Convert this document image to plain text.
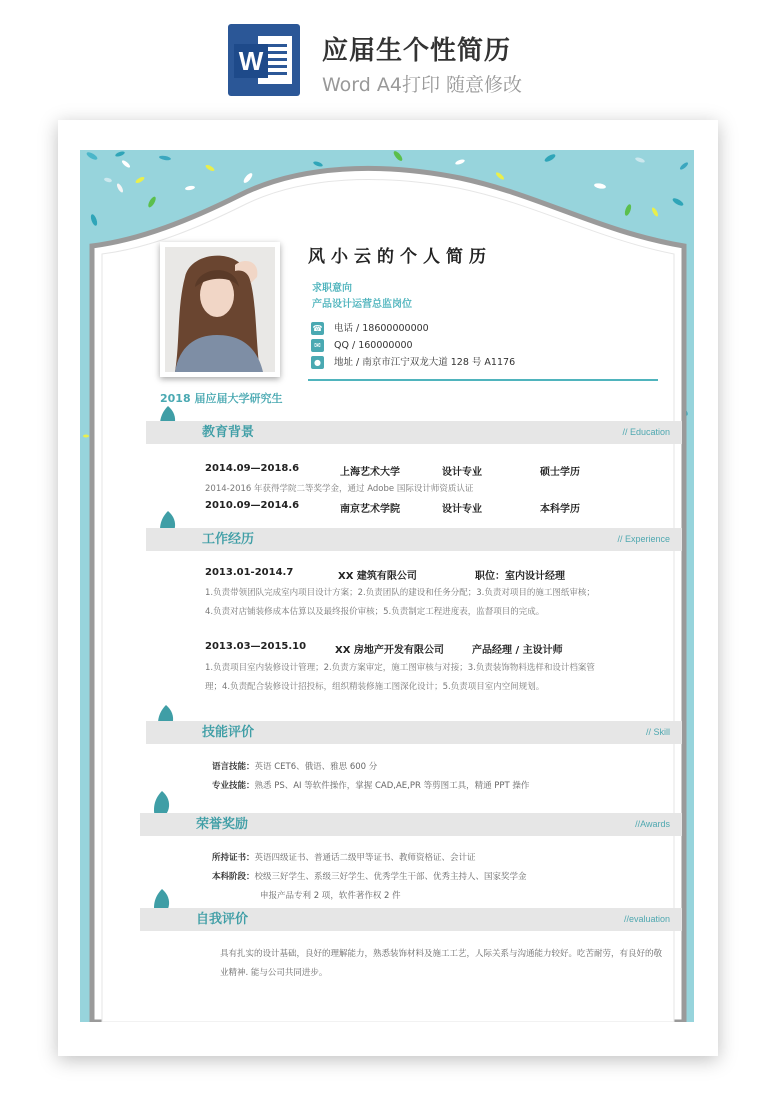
W 应届生个性简历
Word A4打印 随意修改
风小云的个人简历
求职意向
产品设计运营总监岗位
☎ 电话 / 18600000000
✉	QQ / 160000000
●	地址 / 南京市江宁双龙大道 128 号 A1176
2018 届应届大学研究生
教育背景	// Education
2014.09—2018.6	上海艺术大学	设计专业	硕士学历
2014-2016 年获得学院二等奖学金，通过 Adobe 国际设计师资质认证
2010.09—2014.6	南京艺术学院	设计专业	本科学历
工作经历	// Experience
2013.01-2014.7	XX 建筑有限公司	职位：室内设计经理
1.负责带领团队完成室内项目设计方案；2.负责团队的建设和任务分配；3.负责对项目的施工图纸审核；
4.负责对店铺装修成本估算以及最终报价审核；5.负责制定工程进度表，监督项目的完成。
2013.03—2015.10	XX 房地产开发有限公司	产品经理 / 主设计师
1.负责项目室内装修设计管理；2.负责方案审定，施工图审核与对接；3.负责装饰物料选样和设计档案管
理；4.负责配合装修设计招投标，组织精装修施工图深化设计；5.负责项目室内空间规划。
技能评价	// Skill
语言技能：英语 CET6、俄语、雅思 600 分
专业技能：熟悉 PS、AI 等软件操作，掌握 CAD,AE,PR 等剪图工具，精通 PPT 操作
荣誉奖励	//Awards
所持证书：英语四级证书、普通话二级甲等证书、教师资格证、会计证
本科阶段：校级三好学生、系级三好学生、优秀学生干部、优秀主持人、国家奖学金
申报产品专利 2 项，软件著作权 2 件
自我评价	//evaluation
具有扎实的设计基础，良好的理解能力，熟悉装饰材料及施工工艺，人际关系与沟通能力较好。吃苦耐劳，有良好的敬业精神. 能与公司共同进步。
